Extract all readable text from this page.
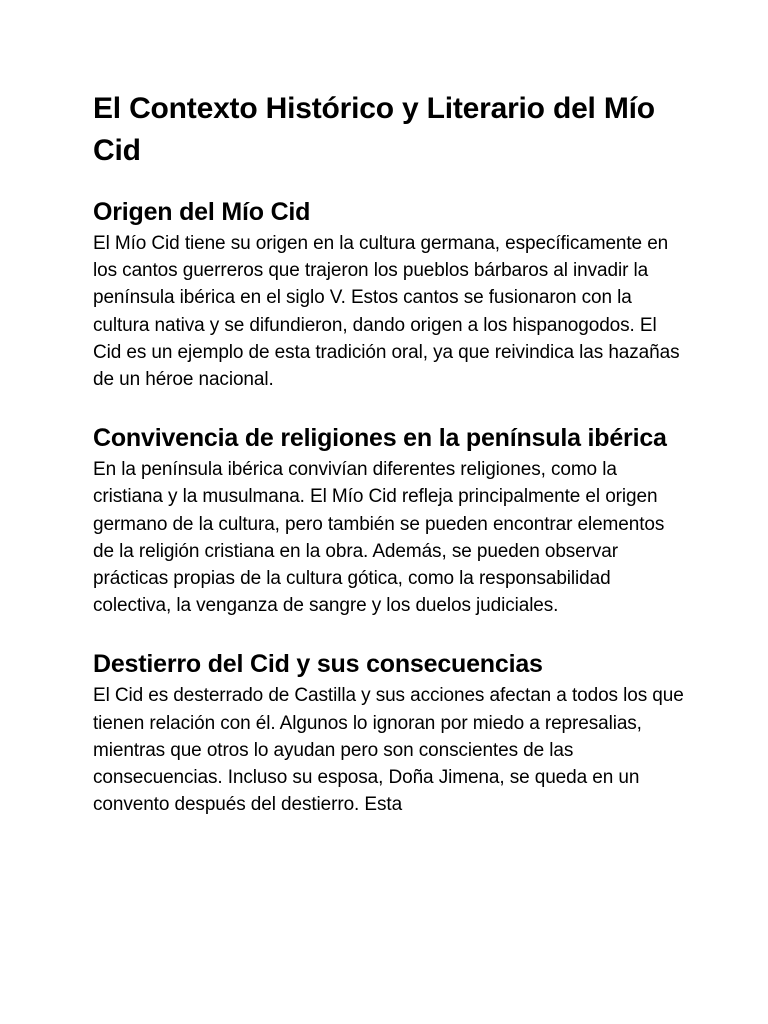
El Contexto Histórico y Literario del Mío Cid
Origen del Mío Cid

El Mío Cid tiene su origen en la cultura germana, específicamente en los cantos guerreros que trajeron los pueblos bárbaros al invadir la península ibérica en el siglo V. Estos cantos se fusionaron con la cultura nativa y se difundieron, dando origen a los hispanogodos. El Cid es un ejemplo de esta tradición oral, ya que reivindica las hazañas de un héroe nacional.

Convivencia de religiones en la península ibérica

En la península ibérica convivían diferentes religiones, como la cristiana y la musulmana. El Mío Cid refleja principalmente el origen germano de la cultura, pero también se pueden encontrar elementos de la religión cristiana en la obra. Además, se pueden observar prácticas propias de la cultura gótica, como la responsabilidad colectiva, la venganza de sangre y los duelos judiciales.

Destierro del Cid y sus consecuencias

El Cid es desterrado de Castilla y sus acciones afectan a todos los que tienen relación con él. Algunos lo ignoran por miedo a represalias, mientras que otros lo ayudan pero son conscientes de las consecuencias. Incluso su esposa, Doña Jimena, se queda en un convento después del destierro. Esta
